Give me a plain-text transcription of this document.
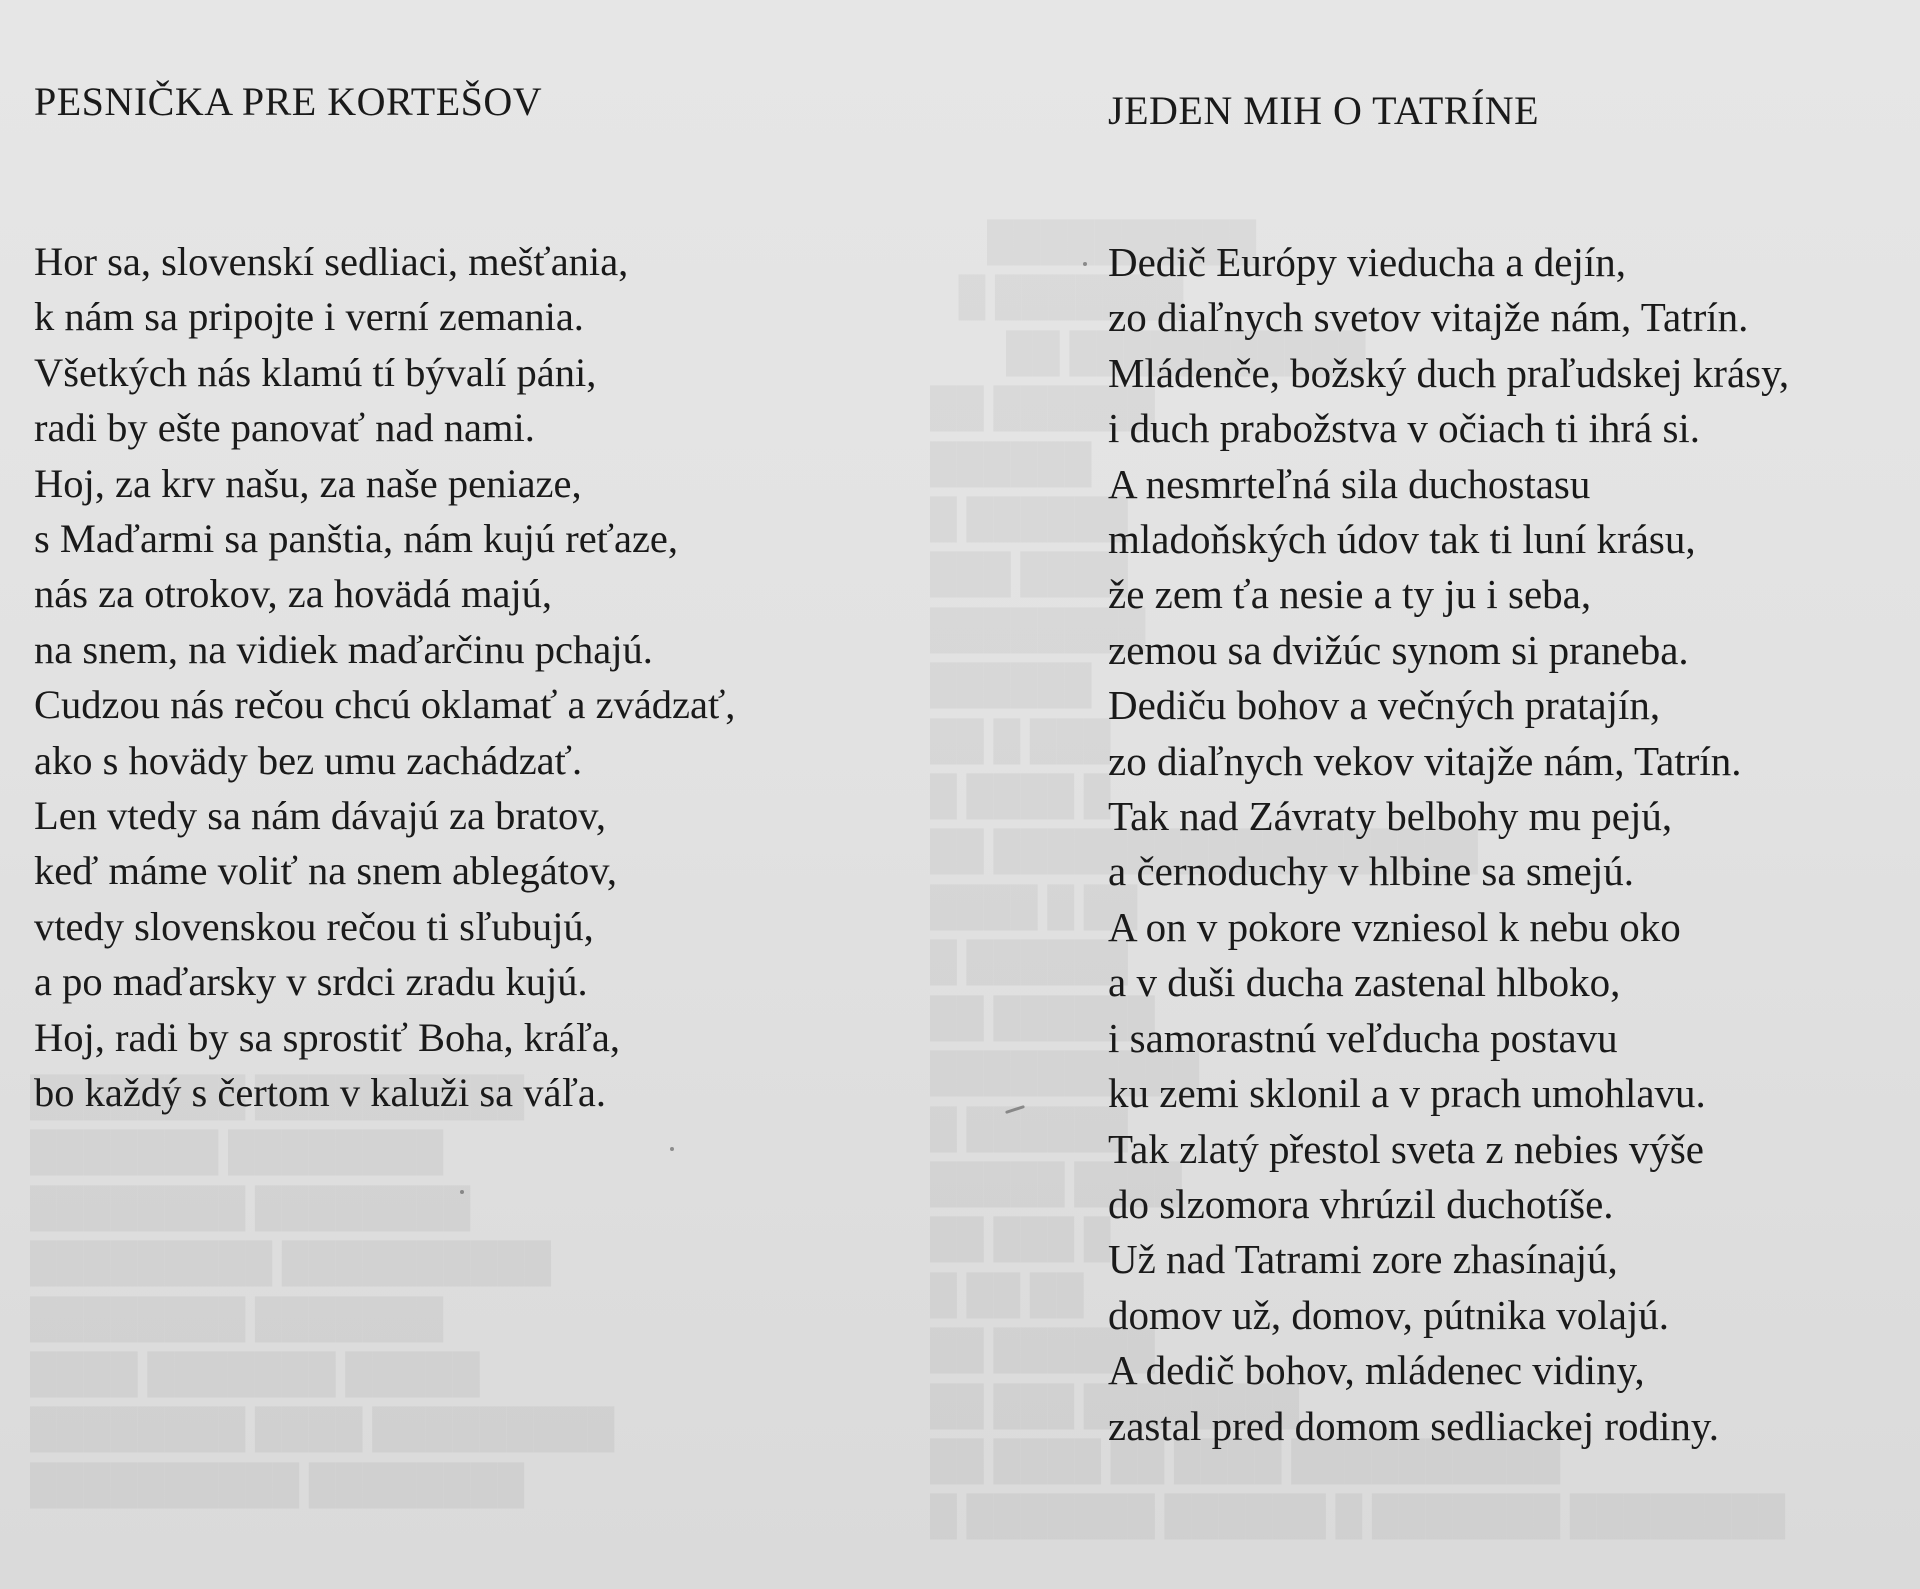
PESNIČKA PRE KORTEŠOV

Hor sa, slovenskí sedliaci, mešťania,

k nám sa pripojte i verní zemania.

Všetkých nás klamú tí bývalí páni,

radi by ešte panovať nad nami.

Hoj, za krv našu, za naše peniaze,

s Maďarmi sa panštia, nám kujú reťaze,

nás za otrokov, za hovädá majú,

na snem, na vidiek maďarčinu pchajú.

Cudzou nás rečou chcú oklamať a zvádzať,

ako s hovädy bez umu zachádzať.

Len vtedy sa nám dávajú za bratov,

keď máme voliť na snem ablegátov,

vtedy slovenskou rečou ti sľubujú,

a po maďarsky v srdci zradu kujú.

Hoj, radi by sa sprostiť Boha, kráľa,

bo každý s čertom v kaluži sa váľa.

JEDEN MIH O TATRÍNE

Dedič Európy vieducha a dejín,

zo diaľnych svetov vitajže nám, Tatrín.

Mládenče, božský duch praľudskej krásy,

i duch prabožstva v očiach ti ihrá si.

A nesmrteľná sila duchostasu

mladoňských údov tak ti luní krásu,

že zem ťa nesie a ty ju i seba,

zemou sa dvižúc synom si praneba.

Dediču bohov a večných pratajín,

zo diaľnych vekov vitajže nám, Tatrín.

Tak nad Závraty belbohy mu pejú,

a černoduchy v hlbine sa smejú.

A on v pokore vzniesol k nebu oko

a v duši ducha zastenal hlboko,

i samorastnú veľducha postavu

ku zemi sklonil a v prach umohlavu.

Tak zlatý přestol sveta z nebies výše

do slzomora vhrúzil duchotíše.

Už nad Tatrami zore zhasínajú,

domov už, domov, pútnika volajú.

A dedič bohov, mládenec vidiny,

zastal pred domom sedliackej rodiny.
